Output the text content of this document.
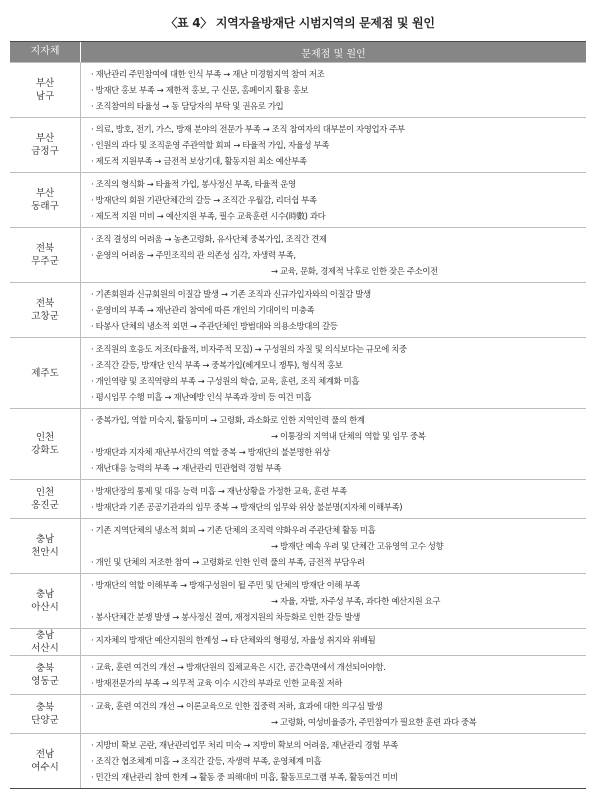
〈표 4〉 지역자율방재단 시범지역의 문제점 및 원인
지자체	문제점 및 원인
부산
남구
· 재난관리 주민참여에 대한 인식 부족 → 재난 미경험지역 참여 저조
· 방재단 홍보 부족 → 제한적 홍보, 구 신문, 홈페이지 활용 홍보
· 조직참여의 타율성 → 동 담당자의 부탁 및 권유로 가입
부산
금정구
· 의료, 방호, 전기, 가스, 방재 분야의 전문가 부족 → 조직 참여자의 대부분이 자영업자 주부
· 인원의 과다 및 조직운영 주관역할 회피 → 타율적 가입, 자율성 부족
· 제도적 지원부족 → 금전적 보상기대, 활동지원 최소 예산부족
부산
동래구
· 조직의 형식화 → 타율적 가입, 봉사정신 부족, 타율적 운영
· 방재단의 회원 기관단체간의 갈등 → 조직간 우월감, 리더쉽 부족
· 제도적 지원 미비 → 예산지원 부족, 필수 교육훈련 시수(時數) 과다
전북
무주군
· 조직 결성의 어려움 → 농촌고령화, 유사단체 중복가입, 조직간 견제
· 운영의 어려움 → 주민조직의 관 의존성 심각, 자생력 부족,
→ 교육, 문화, 경제적 낙후로 인한 잦은 주소이전
전북
고창군
· 기존회원과 신규회원의 이질감 발생 → 기존 조직과 신규가입자와의 이질감 발생
· 운영비의 부족 → 재난관리 참여에 따른 개인의 기대이익 미충족
· 타봉사 단체의 냉소적 외면 → 주관단체인 방범대와 의용소방대의 갈등
제주도
· 조직원의 호응도 저조(타율적, 비자주적 모집) → 구성원의 자질 및 의식보다는 규모에 치중
· 조직간 갈등, 방재단 인식 부족 → 중복가입(헤게모니 쟁투), 형식적 홍보
· 개인역량 및 조직역량의 부족 → 구성원의 학습, 교육, 훈련, 조직 체계화 미흡
· 평시임무 수행 미흡 → 재난예방 인식 부족과 장비 등 여건 미흡
인천
강화도
· 중복가입, 역할 미숙지, 활동미미 → 고령화, 과소화로 인한 지역인력 풀의 한계
→ 이통장의 지역내 단체의 역할 및 임무 중복
· 방재단과 지자체 재난부서간의 역할 중복 → 방재단의 불분명한 위상
· 재난대응 능력의 부족 → 재난관리 민관협력 경험 부족
인천
옹진군
· 방재단장의 통제 및 대응 능력 미흡 → 재난상황을 가정한 교육, 훈련 부족
· 방재단과 기존 공공기관과의 임무 중복 → 방재단의 임무와 위상 불분명(지자체 이해부족)
충남
천안시
· 기존 지역단체의 냉소적 회피 → 기존 단체의 조직력 약화우려 주관단체 활동 미흡
→ 방재단 예속 우려 및 단체간 고유영역 고수 성향
· 개인 및 단체의 저조한 참여 → 고령화로 인한 인력 풀의 부족, 금전적 부담우려
충남
아산시
· 방재단의 역할 이해부족 → 방재구성원이 될 주민 및 단체의 방재단 이해 부족
→ 자율, 자발, 자주성 부족, 과다한 예산지원 요구
· 봉사단체간 분쟁 발생 → 봉사정신 결여, 재정지원의 차등화로 인한 갈등 발생
충남
서산시
· 지자체의 방재단 예산지원의 한계성 → 타 단체와의 형평성, 자율성 취지와 위배됨
충북
영동군
· 교육, 훈련 여건의 개선 → 방재단원의 집체교육은 시간, 공간측면에서 개선되어야함.
· 방재전문가의 부족 → 의무적 교육 이수 시간의 부과로 인한 교육질 저하
충북
단양군
· 교육, 훈련 여건의 개선 → 이론교육으로 인한 집중력 저하, 효과에 대한 의구심 발생
→ 고령화, 여성비율증가, 주민참여가 필요한 훈련 과다 중복
전남
여수시
· 지방비 확보 곤란, 재난관리업무 처리 미숙 → 지방비 확보의 어려움, 재난관리 경험 부족
· 조직간 협조체계 미흡 → 조직간 갈등, 자생력 부족, 운영체계 미흡
· 민간의 재난관리 참여 한계 → 활동 중 피해대비 미흡, 활동프로그램 부족, 활동여건 미비
